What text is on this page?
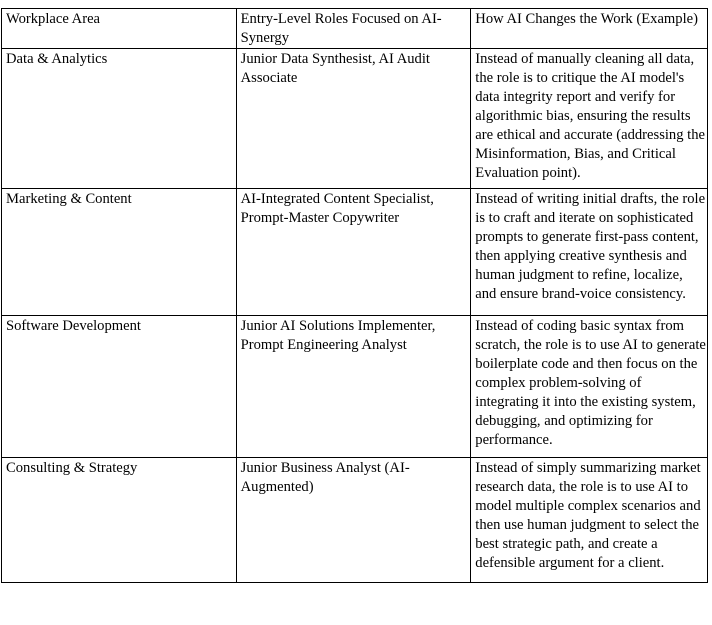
Workplace Area	Entry-Level Roles Focused on AI-Synergy	How AI Changes the Work (Example)
Data & Analytics	Junior Data Synthesist, AI Audit Associate	Instead of manually cleaning all data, the role is to critique the AI model's data integrity report and verify for algorithmic bias, ensuring the results are ethical and accurate (addressing the Misinformation, Bias, and Critical Evaluation point).
Marketing & Content	AI-Integrated Content Specialist, Prompt-Master Copywriter	Instead of writing initial drafts, the role is to craft and iterate on sophisticated prompts to generate first-pass content, then applying creative synthesis and human judgment to refine, localize, and ensure brand-voice consistency.
Software Development	Junior AI Solutions Implementer, Prompt Engineering Analyst	Instead of coding basic syntax from scratch, the role is to use AI to generate boilerplate code and then focus on the complex problem-solving of integrating it into the existing system, debugging, and optimizing for performance.
Consulting & Strategy	Junior Business Analyst (AI-Augmented)	Instead of simply summarizing market research data, the role is to use AI to model multiple complex scenarios and then use human judgment to select the best strategic path, and create a defensible argument for a client.
